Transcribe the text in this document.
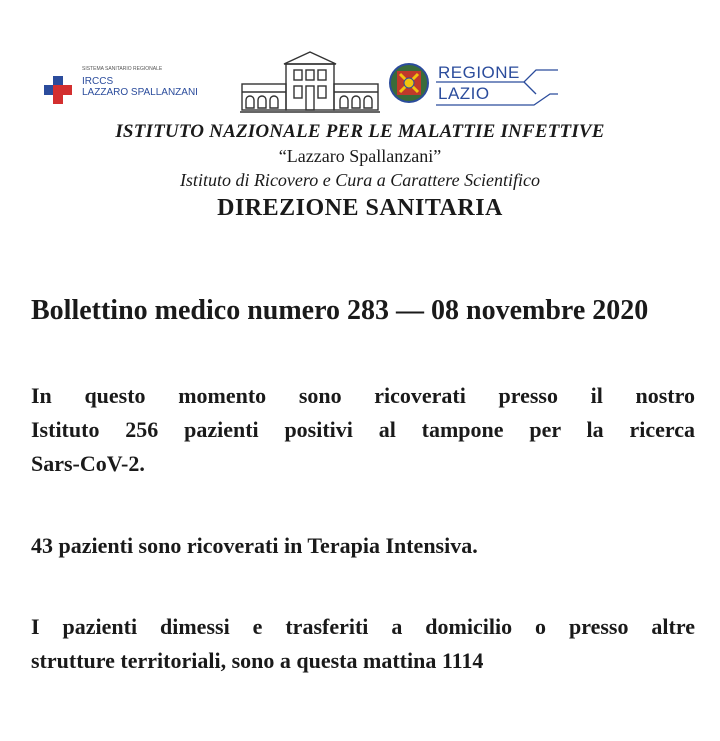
SISTEMA SANITARIO REGIONALE
IRCCS
LAZZARO SPALLANZANI
REGIONE
LAZIO
ISTITUTO NAZIONALE PER LE MALATTIE INFETTIVE
“Lazzaro Spallanzani”
Istituto di Ricovero e Cura a Carattere Scientifico
DIREZIONE SANITARIA
Bollettino medico numero 283 — 08 novembre 2020
In questo momento sono ricoverati presso il nostro
Istituto 256 pazienti positivi al tampone per la ricerca
Sars-CoV-2.
43 pazienti sono ricoverati in Terapia Intensiva.
I pazienti dimessi e trasferiti a domicilio o presso altre
strutture territoriali, sono a questa mattina 1114
